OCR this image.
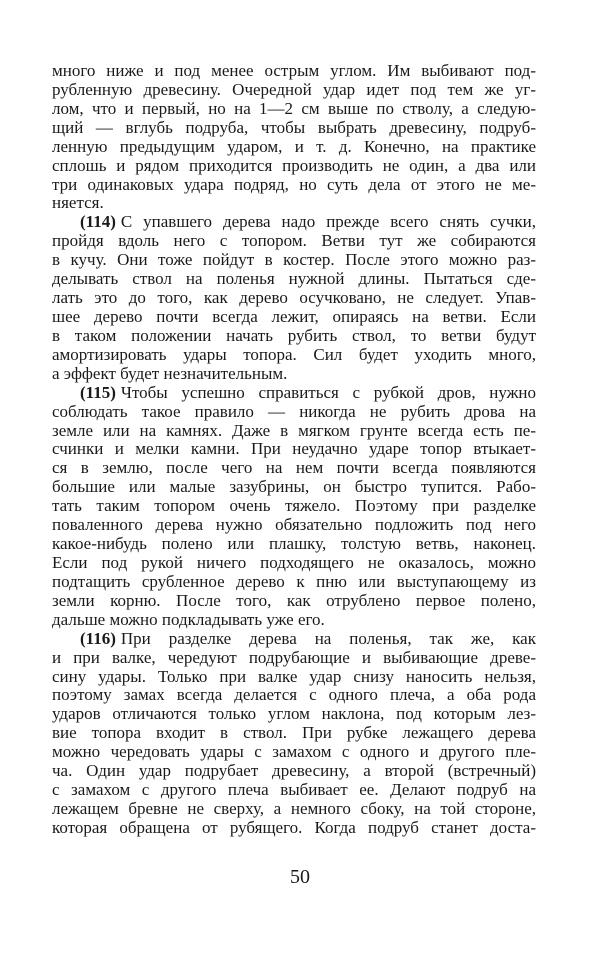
много ниже и под менее острым углом. Им выбивают под-
рубленную древесину. Очередной удар идет под тем же уг-
лом, что и первый, но на 1—2 см выше по стволу, а следую-
щий — вглубь подруба, чтобы выбрать древесину, подруб-
ленную предыдущим ударом, и т. д. Конечно, на практике
сплошь и рядом приходится производить не один, а два или
три одинаковых удара подряд, но суть дела от этого не ме-
няется.
(114) С упавшего дерева надо прежде всего снять сучки,
пройдя вдоль него с топором. Ветви тут же собираются
в кучу. Они тоже пойдут в костер. После этого можно раз-
делывать ствол на поленья нужной длины. Пытаться сде-
лать это до того, как дерево осучковано, не следует. Упав-
шее дерево почти всегда лежит, опираясь на ветви. Если
в таком положении начать рубить ствол, то ветви будут
амортизировать удары топора. Сил будет уходить много,
а эффект будет незначительным.
(115) Чтобы успешно справиться с рубкой дров, нужно
соблюдать такое правило — никогда не рубить дрова на
земле или на камнях. Даже в мягком грунте всегда есть пе-
счинки и мелки камни. При неудачно ударе топор втыкает-
ся в землю, после чего на нем почти всегда появляются
большие или малые зазубрины, он быстро тупится. Рабо-
тать таким топором очень тяжело. Поэтому при разделке
поваленного дерева нужно обязательно подложить под него
какое-нибудь полено или плашку, толстую ветвь, наконец.
Если под рукой ничего подходящего не оказалось, можно
подтащить срубленное дерево к пню или выступающему из
земли корню. После того, как отрублено первое полено,
дальше можно подкладывать уже его.
(116) При разделке дерева на поленья, так же, как
и при валке, чередуют подрубающие и выбивающие древе-
сину удары. Только при валке удар снизу наносить нельзя,
поэтому замах всегда делается с одного плеча, а оба рода
ударов отличаются только углом наклона, под которым лез-
вие топора входит в ствол. При рубке лежащего дерева
можно чередовать удары с замахом с одного и другого пле-
ча. Один удар подрубает древесину, а второй (встречный)
с замахом с другого плеча выбивает ее. Делают подруб на
лежащем бревне не сверху, а немного сбоку, на той стороне,
которая обращена от рубящего. Когда подруб станет доста-
50
